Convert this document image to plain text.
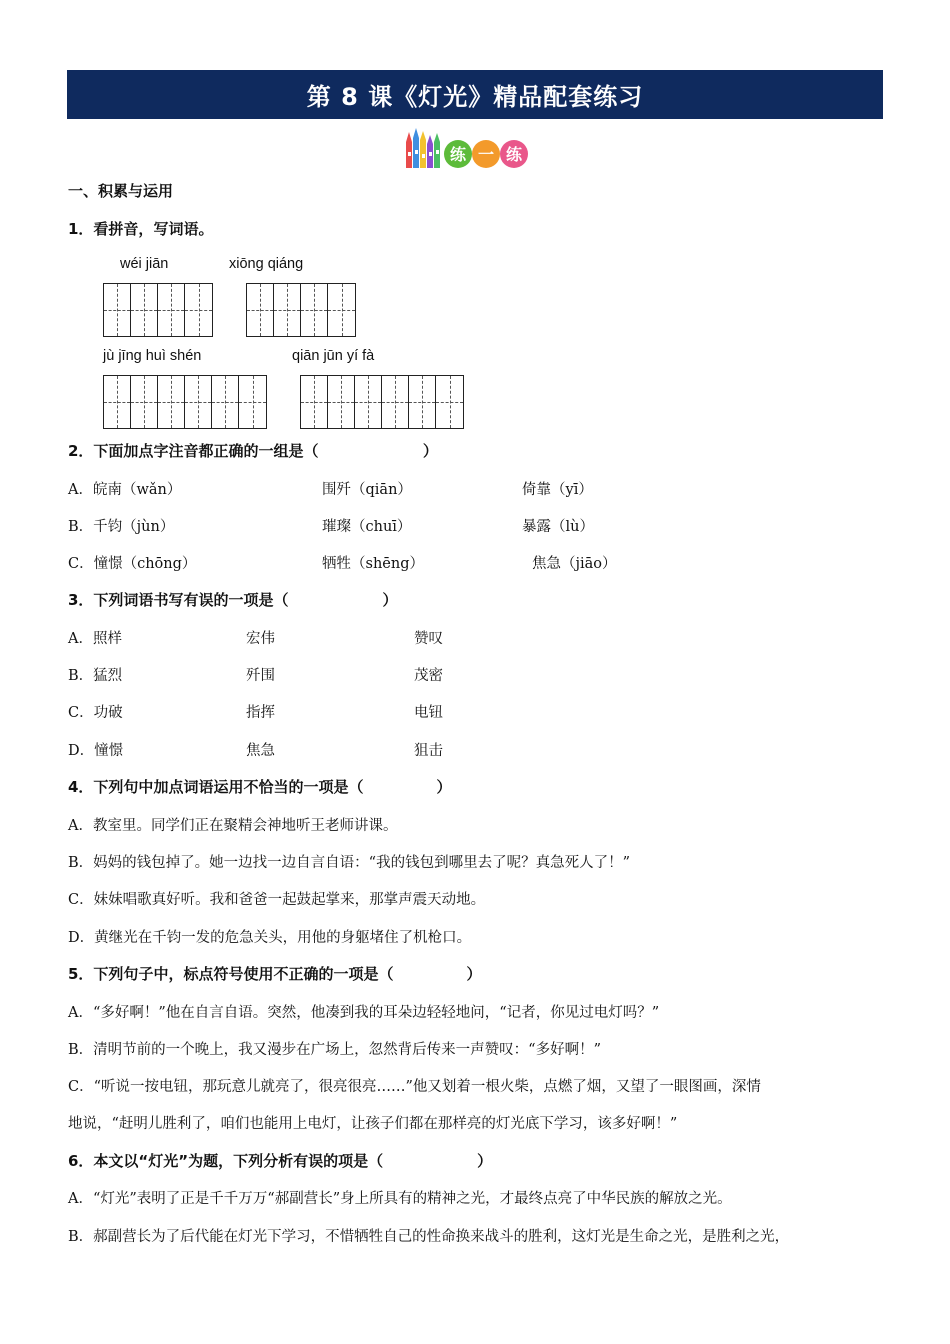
第 8 课《灯光》精品配套练习
练 一 练
一、积累与运用
1．看拼音，写词语。
wéi jiān	xiōng qiáng
jù jīng huì shén	qiān jūn yí fà
2．下面加点字注音都正确的一组是（                    ）
A．皖南（wǎn）	围歼（qiān）	倚靠（yī）
B．千钧（jùn）	璀璨（chuī）	暴露（lù）
C．憧憬（chōng）	牺牲（shēng）	焦急（jiāo）
3．下列词语书写有误的一项是（                  ）
A．照样	宏伟	赞叹
B．猛烈	歼围	茂密
C．功破	指挥	电钮
D．憧憬	焦急	狙击
4．下列句中加点词语运用不恰当的一项是（              ）
A．教室里。同学们正在聚精会神地听王老师讲课。
B．妈妈的钱包掉了。她一边找一边自言自语：“我的钱包到哪里去了呢？真急死人了！”
C．妹妹唱歌真好听。我和爸爸一起鼓起掌来，那掌声震天动地。
D．黄继光在千钧一发的危急关头，用他的身躯堵住了机枪口。
5．下列句子中，标点符号使用不正确的一项是（              ）
A．“多好啊！”他在自言自语。突然，他凑到我的耳朵边轻轻地问，“记者，你见过电灯吗？”
B．清明节前的一个晚上，我又漫步在广场上，忽然背后传来一声赞叹：“多好啊！”
C．“听说一按电钮，那玩意儿就亮了，很亮很亮……”他又划着一根火柴，点燃了烟，又望了一眼图画，深情
地说，“赶明儿胜利了，咱们也能用上电灯，让孩子们都在那样亮的灯光底下学习，该多好啊！”
6．本文以“灯光”为题，下列分析有误的项是（                  ）
A．“灯光”表明了正是千千万万“郝副营长”身上所具有的精神之光，才最终点亮了中华民族的解放之光。
B．郝副营长为了后代能在灯光下学习，不惜牺牲自己的性命换来战斗的胜利，这灯光是生命之光，是胜利之光，
